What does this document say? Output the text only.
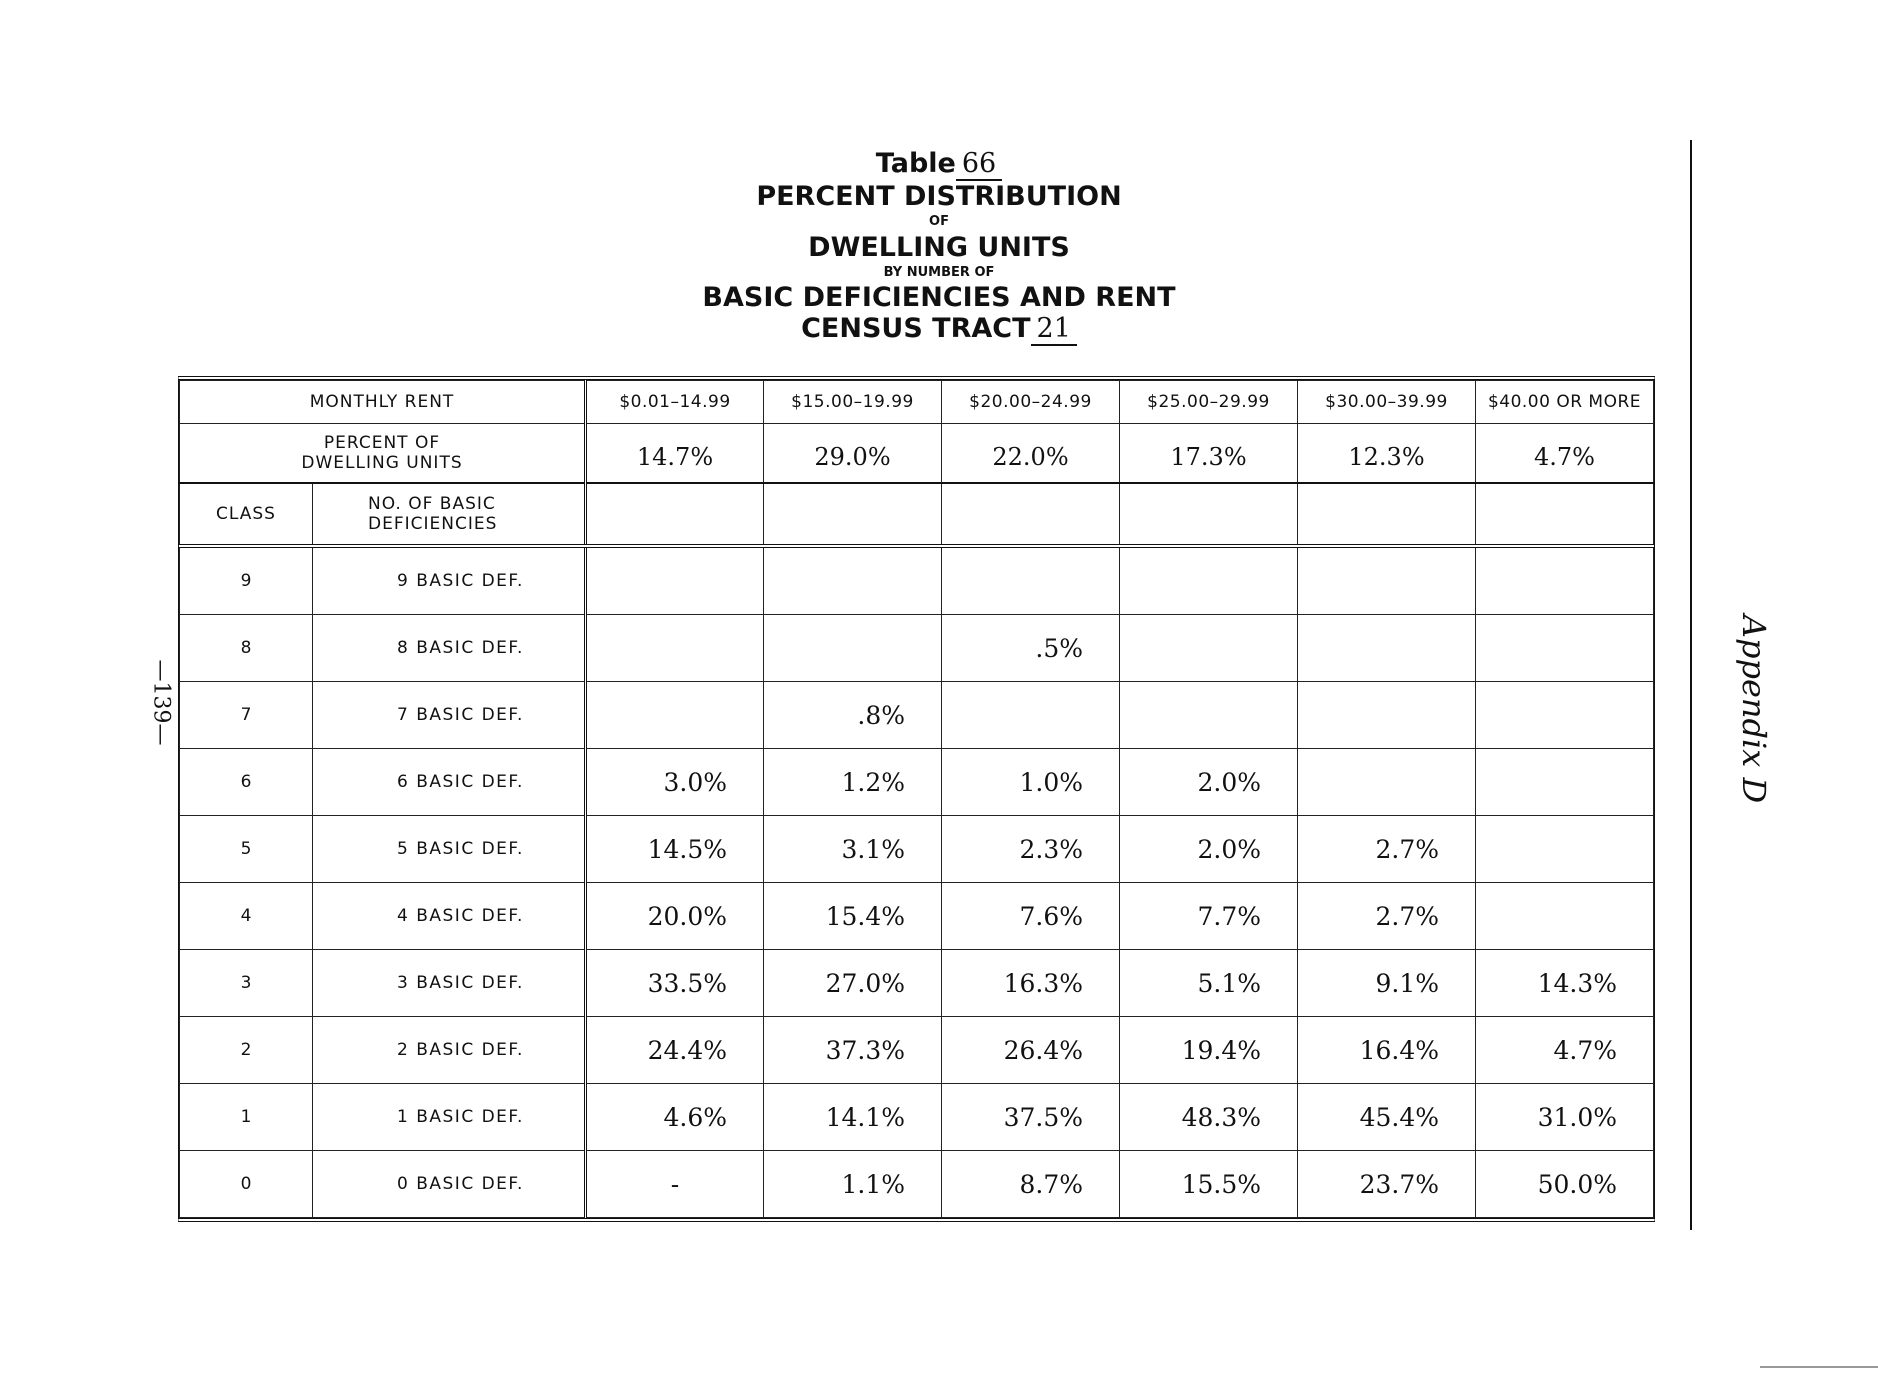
Table 66
PERCENT DISTRIBUTION
OF
DWELLING UNITS
BY NUMBER OF
BASIC DEFICIENCIES AND RENT
CENSUS TRACT 21
MONTHLY RENT		$0.01–14.99	$15.00–19.99	$20.00–24.99	$25.00–29.99	$30.00–39.99	$40.00 OR MORE

PERCENT OF
DWELLING UNITS		14.7%	29.0%	22.0%	17.3%	12.3%	4.7%
CLASS	NO. OF BASIC
DEFICIENCIES						

9	9 BASIC DEF.						
8	8 BASIC DEF.			.5%			
7	7 BASIC DEF.		.8%				
6	6 BASIC DEF.	3.0%	1.2%	1.0%	2.0%		
5	5 BASIC DEF.	14.5%	3.1%	2.3%	2.0%	2.7%	
4	4 BASIC DEF.	20.0%	15.4%	7.6%	7.7%	2.7%	
3	3 BASIC DEF.	33.5%	27.0%	16.3%	5.1%	9.1%	14.3%
2	2 BASIC DEF.	24.4%	37.3%	26.4%	19.4%	16.4%	4.7%
1	1 BASIC DEF.	4.6%	14.1%	37.5%	48.3%	45.4%	31.0%
0	0 BASIC DEF.	-	1.1%	8.7%	15.5%	23.7%	50.0%
—139—	Appendix D
